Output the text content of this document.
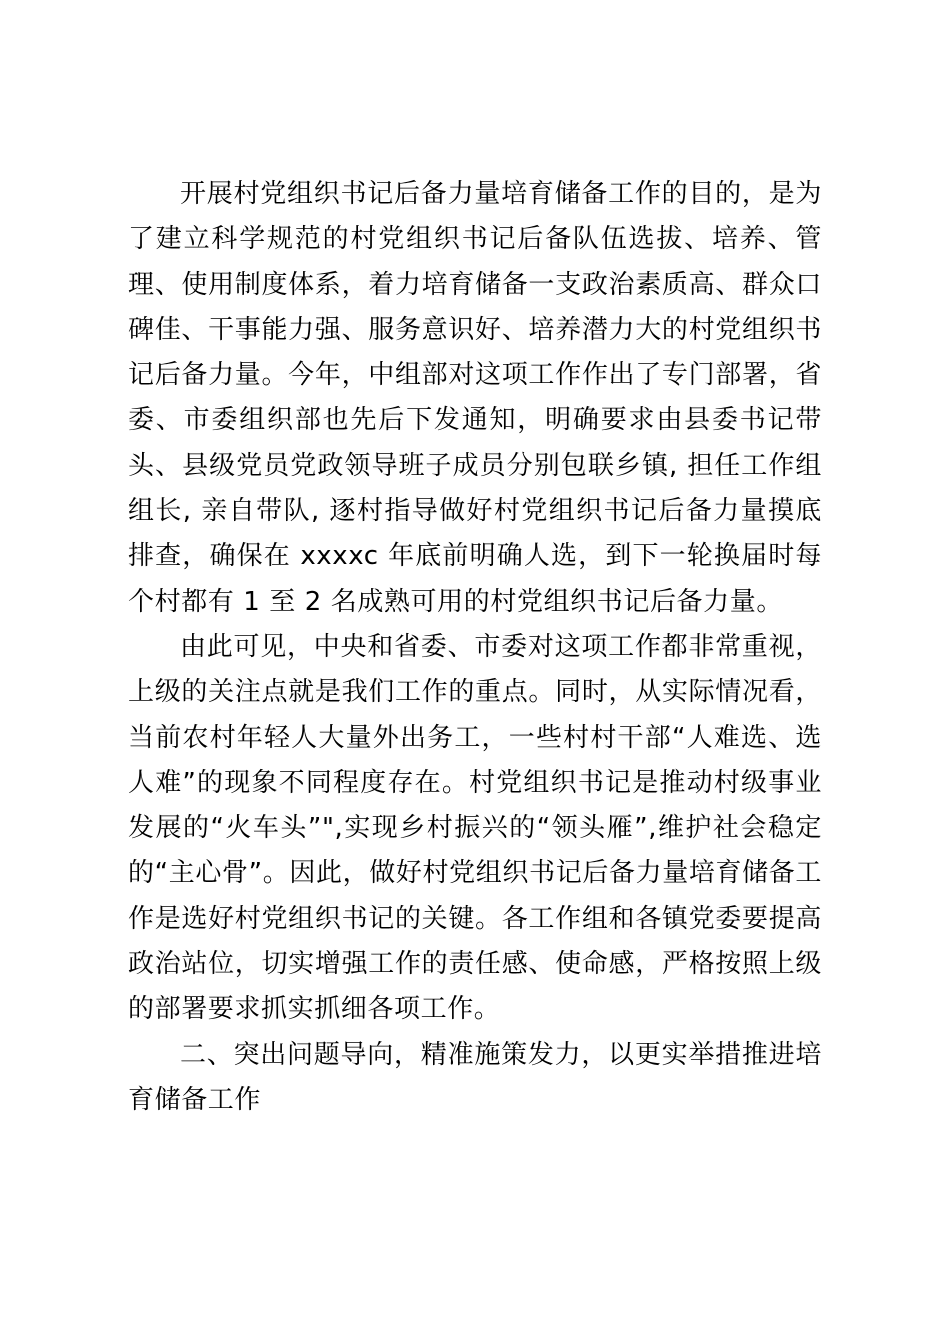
开展村党组织书记后备力量培育储备工作的目的，是为了建立科学规范的村党组织书记后备队伍选拔、培养、管理、使用制度体系，着力培育储备一支政治素质高、群众口碑佳、干事能力强、服务意识好、培养潜力大的村党组织书记后备力量。今年，中组部对这项工作作出了专门部署，省委、市委组织部也先后下发通知，明确要求由县委书记带头、县级党员党政领导班子成员分别包联乡镇, 担任工作组组长, 亲自带队, 逐村指导做好村党组织书记后备力量摸底排查，确保在 xxxxc 年底前明确人选，到下一轮换届时每个村都有 1 至 2 名成熟可用的村党组织书记后备力量。

由此可见，中央和省委、市委对这项工作都非常重视，上级的关注点就是我们工作的重点。同时，从实际情况看，当前农村年轻人大量外出务工，一些村村干部“人难选、选人难”的现象不同程度存在。村党组织书记是推动村级事业发展的“火车头”",实现乡村振兴的“领头雁”,维护社会稳定的“主心骨”。因此，做好村党组织书记后备力量培育储备工作是选好村党组织书记的关键。各工作组和各镇党委要提高政治站位，切实增强工作的责任感、使命感，严格按照上级的部署要求抓实抓细各项工作。

二、突出问题导向，精准施策发力，以更实举措推进培育储备工作
